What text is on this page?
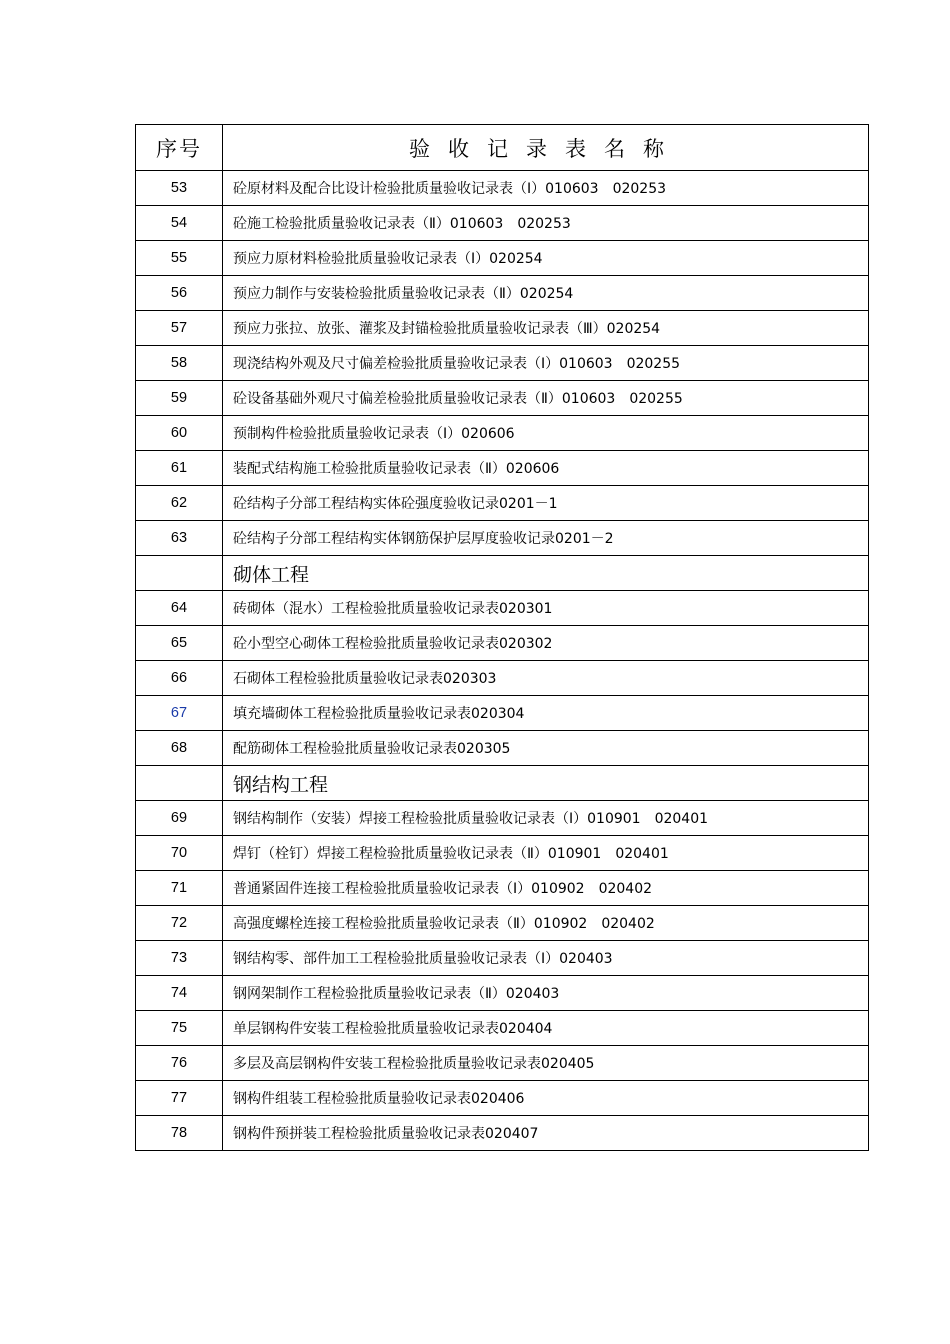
序号	验收记录表名称
53	砼原材料及配合比设计检验批质量验收记录表（Ⅰ）010603　020253
54	砼施工检验批质量验收记录表（Ⅱ）010603　020253
55	预应力原材料检验批质量验收记录表（Ⅰ）020254
56	预应力制作与安装检验批质量验收记录表（Ⅱ）020254
57	预应力张拉、放张、灌浆及封锚检验批质量验收记录表（Ⅲ）020254
58	现浇结构外观及尺寸偏差检验批质量验收记录表（Ⅰ）010603　020255
59	砼设备基础外观尺寸偏差检验批质量验收记录表（Ⅱ）010603　020255
60	预制构件检验批质量验收记录表（Ⅰ）020606
61	装配式结构施工检验批质量验收记录表（Ⅱ）020606
62	砼结构子分部工程结构实体砼强度验收记录0201－1
63	砼结构子分部工程结构实体钢筋保护层厚度验收记录0201－2
	砌体工程
64	砖砌体（混水）工程检验批质量验收记录表020301
65	砼小型空心砌体工程检验批质量验收记录表020302
66	石砌体工程检验批质量验收记录表020303
67	填充墙砌体工程检验批质量验收记录表020304
68	配筋砌体工程检验批质量验收记录表020305
	钢结构工程
69	钢结构制作（安装）焊接工程检验批质量验收记录表（Ⅰ）010901　020401
70	焊钉（栓钉）焊接工程检验批质量验收记录表（Ⅱ）010901　020401
71	普通紧固件连接工程检验批质量验收记录表（Ⅰ）010902　020402
72	高强度螺栓连接工程检验批质量验收记录表（Ⅱ）010902　020402
73	钢结构零、部件加工工程检验批质量验收记录表（Ⅰ）020403
74	钢网架制作工程检验批质量验收记录表（Ⅱ）020403
75	单层钢构件安装工程检验批质量验收记录表020404
76	多层及高层钢构件安装工程检验批质量验收记录表020405
77	钢构件组装工程检验批质量验收记录表020406
78	钢构件预拼装工程检验批质量验收记录表020407
